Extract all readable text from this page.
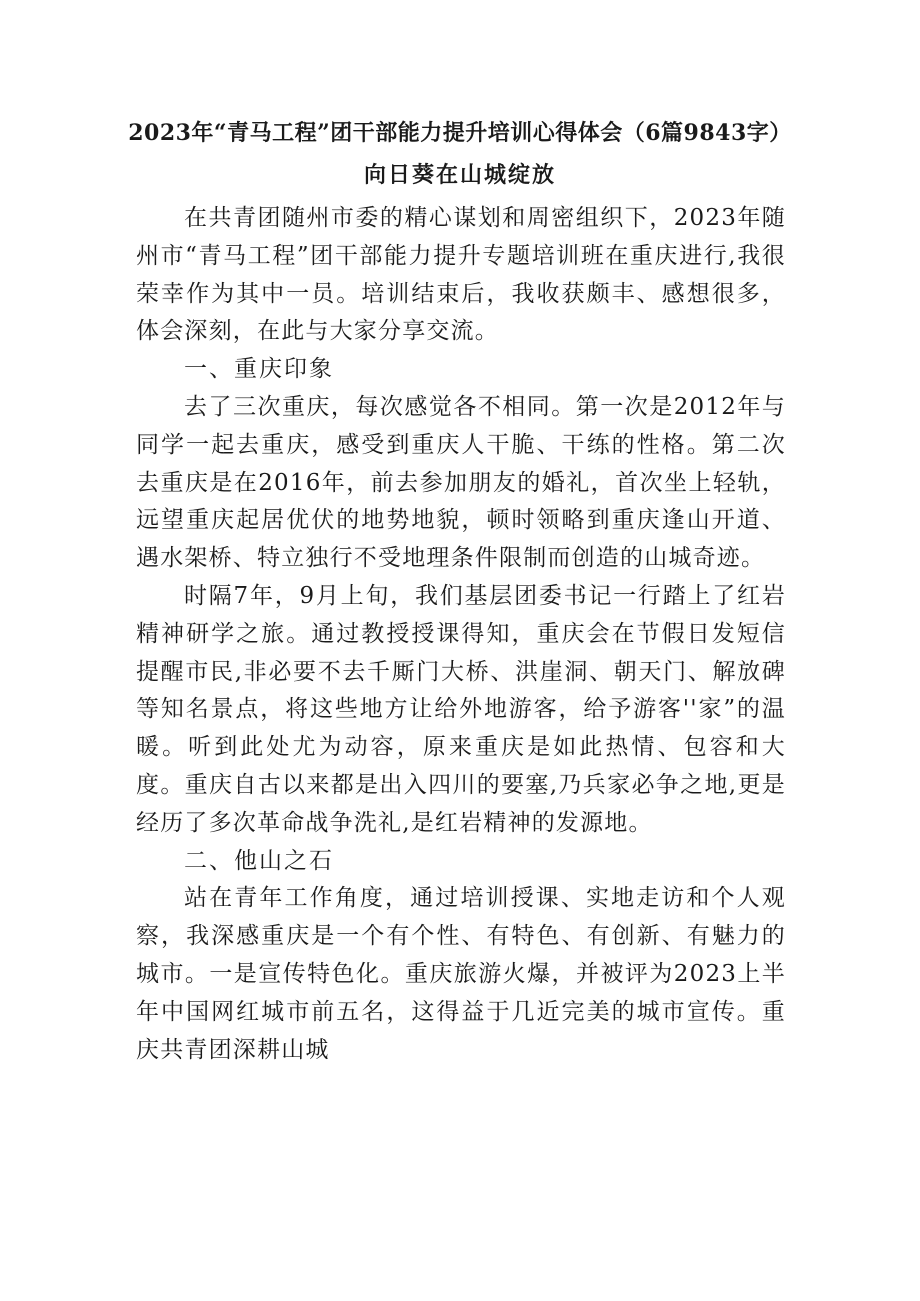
2023年“青马工程”团干部能力提升培训心得体会（6篇9843字）
向日葵在山城绽放

在共青团随州市委的精心谋划和周密组织下，2023年随州市“青马工程”团干部能力提升专题培训班在重庆进行,我很荣幸作为其中一员。培训结束后，我收获颇丰、感想很多，体会深刻，在此与大家分享交流。

一、重庆印象

去了三次重庆，每次感觉各不相同。第一次是2012年与同学一起去重庆，感受到重庆人干脆、干练的性格。第二次去重庆是在2016年，前去参加朋友的婚礼，首次坐上轻轨，远望重庆起居优伏的地势地貌，顿时领略到重庆逢山开道、遇水架桥、特立独行不受地理条件限制而创造的山城奇迹。

时隔7年，9月上旬，我们基层团委书记一行踏上了红岩精神研学之旅。通过教授授课得知，重庆会在节假日发短信提醒市民,非必要不去千厮门大桥、洪崖洞、朝天门、解放碑等知名景点，将这些地方让给外地游客，给予游客''家”的温暖。听到此处尤为动容，原来重庆是如此热情、包容和大度。重庆自古以来都是出入四川的要塞,乃兵家必争之地,更是经历了多次革命战争洗礼,是红岩精神的发源地。

二、他山之石

站在青年工作角度，通过培训授课、实地走访和个人观察，我深感重庆是一个有个性、有特色、有创新、有魅力的城市。一是宣传特色化。重庆旅游火爆，并被评为2023上半年中国网红城市前五名，这得益于几近完美的城市宣传。重庆共青团深耕山城
